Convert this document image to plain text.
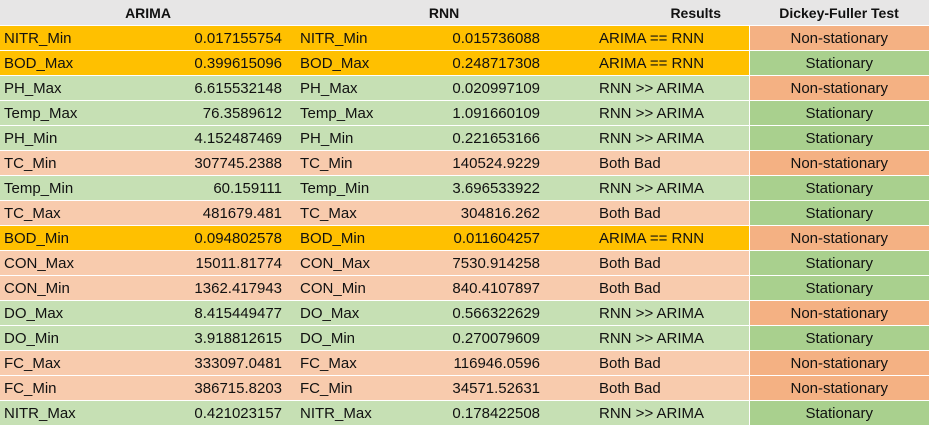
ARIMA		RNN		Results	Dickey-Fuller Test
NITR_Min	0.017155754	NITR_Min	0.015736088	ARIMA == RNN	Non-stationary
BOD_Max	0.399615096	BOD_Max	0.248717308	ARIMA == RNN	Stationary
PH_Max	6.615532148	PH_Max	0.020997109	RNN >> ARIMA	Non-stationary
Temp_Max	76.3589612	Temp_Max	1.091660109	RNN >> ARIMA	Stationary
PH_Min	4.152487469	PH_Min	0.221653166	RNN >> ARIMA	Stationary
TC_Min	307745.2388	TC_Min	140524.9229	Both Bad	Non-stationary
Temp_Min	60.159111	Temp_Min	3.696533922	RNN >> ARIMA	Stationary
TC_Max	481679.481	TC_Max	304816.262	Both Bad	Stationary
BOD_Min	0.094802578	BOD_Min	0.011604257	ARIMA == RNN	Non-stationary
CON_Max	15011.81774	CON_Max	7530.914258	Both Bad	Stationary
CON_Min	1362.417943	CON_Min	840.4107897	Both Bad	Stationary
DO_Max	8.415449477	DO_Max	0.566322629	RNN >> ARIMA	Non-stationary
DO_Min	3.918812615	DO_Min	0.270079609	RNN >> ARIMA	Stationary
FC_Max	333097.0481	FC_Max	116946.0596	Both Bad	Non-stationary
FC_Min	386715.8203	FC_Min	34571.52631	Both Bad	Non-stationary
NITR_Max	0.421023157	NITR_Max	0.178422508	RNN >> ARIMA	Stationary
